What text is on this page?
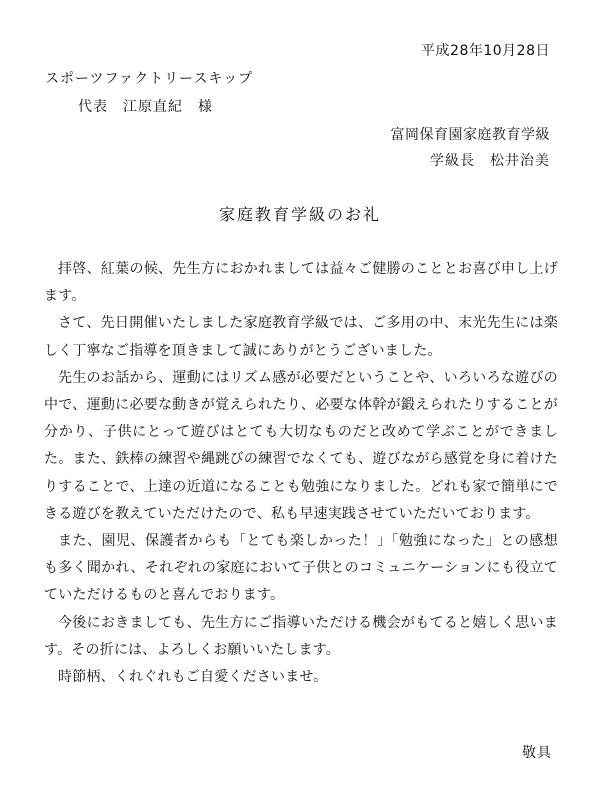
平成28年10月28日
スポーツファクトリースキップ
代表　江原直紀　様
富岡保育園家庭教育学級
学級長　松井治美
家庭教育学級のお礼

拝啓、紅葉の候、先生方におかれましては益々ご健勝のこととお喜び申し上げます。

さて、先日開催いたしました家庭教育学級では、ご多用の中、末光先生には楽しく丁寧なご指導を頂きまして誠にありがとうございました。

先生のお話から、運動にはリズム感が必要だということや、いろいろな遊びの中で、運動に必要な動きが覚えられたり、必要な体幹が鍛えられたりすることが分かり、子供にとって遊びはとても大切なものだと改めて学ぶことができました。また、鉄棒の練習や縄跳びの練習でなくても、遊びながら感覚を身に着けたりすることで、上達の近道になることも勉強になりました。どれも家で簡単にできる遊びを教えていただけたので、私も早速実践させていただいております。

また、園児、保護者からも「とても楽しかった！」「勉強になった」との感想も多く聞かれ、それぞれの家庭において子供とのコミュニケーションにも役立てていただけるものと喜んでおります。

今後におきましても、先生方にご指導いただける機会がもてると嬉しく思います。その折には、よろしくお願いいたします。

時節柄、くれぐれもご自愛くださいませ。

敬具
